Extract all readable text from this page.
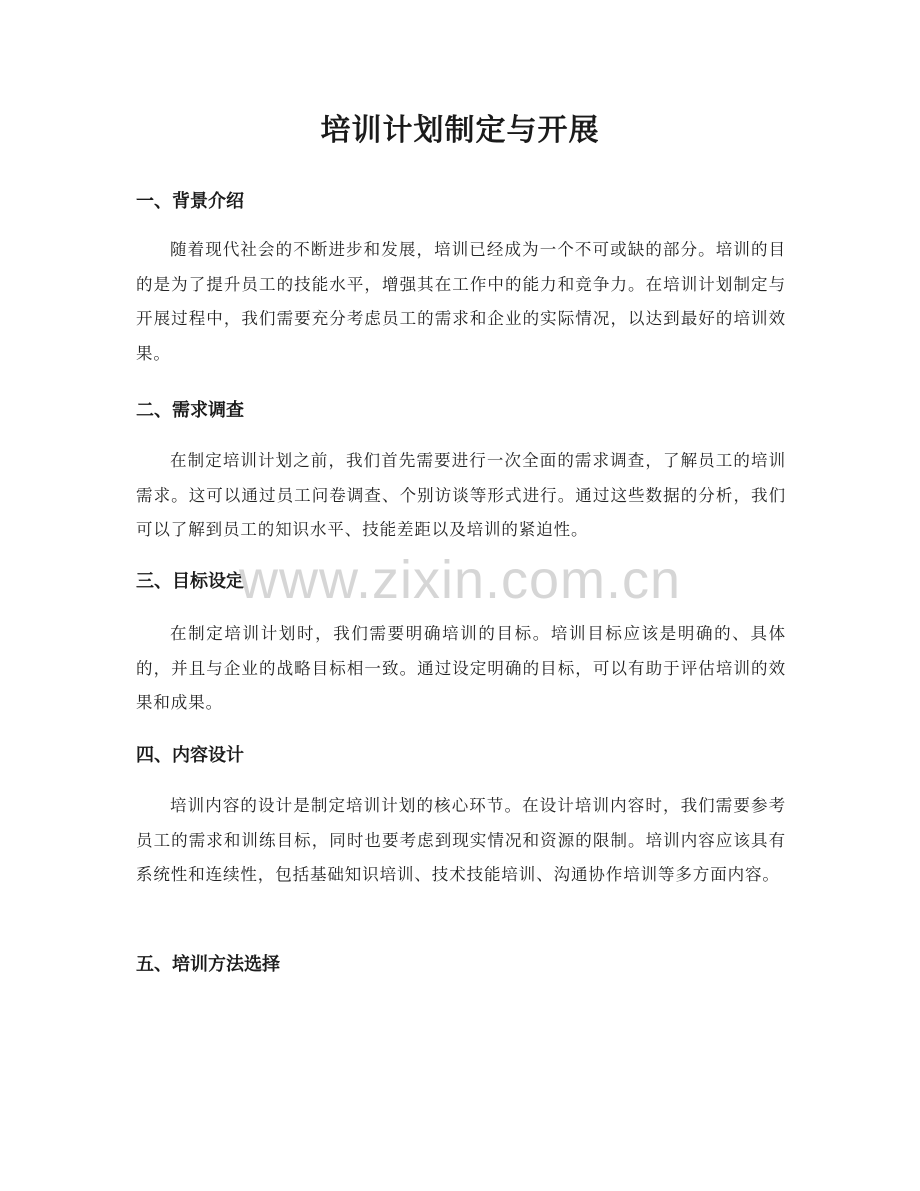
培训计划制定与开展
一、背景介绍

随着现代社会的不断进步和发展，培训已经成为一个不可或缺的部分。培训的目的是为了提升员工的技能水平，增强其在工作中的能力和竞争力。在培训计划制定与开展过程中，我们需要充分考虑员工的需求和企业的实际情况，以达到最好的培训效果。

二、需求调查

在制定培训计划之前，我们首先需要进行一次全面的需求调查，了解员工的培训需求。这可以通过员工问卷调查、个别访谈等形式进行。通过这些数据的分析，我们可以了解到员工的知识水平、技能差距以及培训的紧迫性。

三、目标设定

在制定培训计划时，我们需要明确培训的目标。培训目标应该是明确的、具体的，并且与企业的战略目标相一致。通过设定明确的目标，可以有助于评估培训的效果和成果。

四、内容设计

培训内容的设计是制定培训计划的核心环节。在设计培训内容时，我们需要参考员工的需求和训练目标，同时也要考虑到现实情况和资源的限制。培训内容应该具有系统性和连续性，包括基础知识培训、技术技能培训、沟通协作培训等多方面内容。

五、培训方法选择
www.zixin.com.cn
